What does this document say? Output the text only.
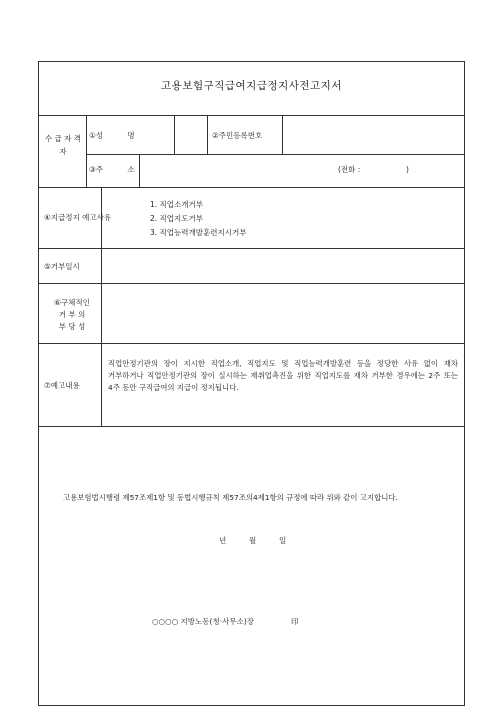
고용보험구직급여지급정지사전고지서
수 급 자 격 자
①성 명	②주민등록번호
③주 소	(전화 :	)
④지급정지 예고사유
1. 직업소개거부
2. 직업지도거부
3. 직업능력개발훈련지시거부
⑤거부일시
⑥구체적인
거 부 의
부 당 성
⑦예고내용
직업안정기관의 장이 지시한 직업소개, 직업지도 및 직업능력개발훈련 등을 정당한 사유 없이 재차 거부하거나 직업안정기관의 장이 실시하는 재취업촉진을 위한 직업지도를 재차 거부한 경우에는 2주 또는 4주 동안 구직급여의 지급이 정지됩니다.
고용보험법시행령 제57조제1항 및 동법시행규칙 제57조의4제1항의 규정에 따라 위와 같이 고지합니다.
년	월	일
○○○○ 지방노동(청·사무소)장	印
